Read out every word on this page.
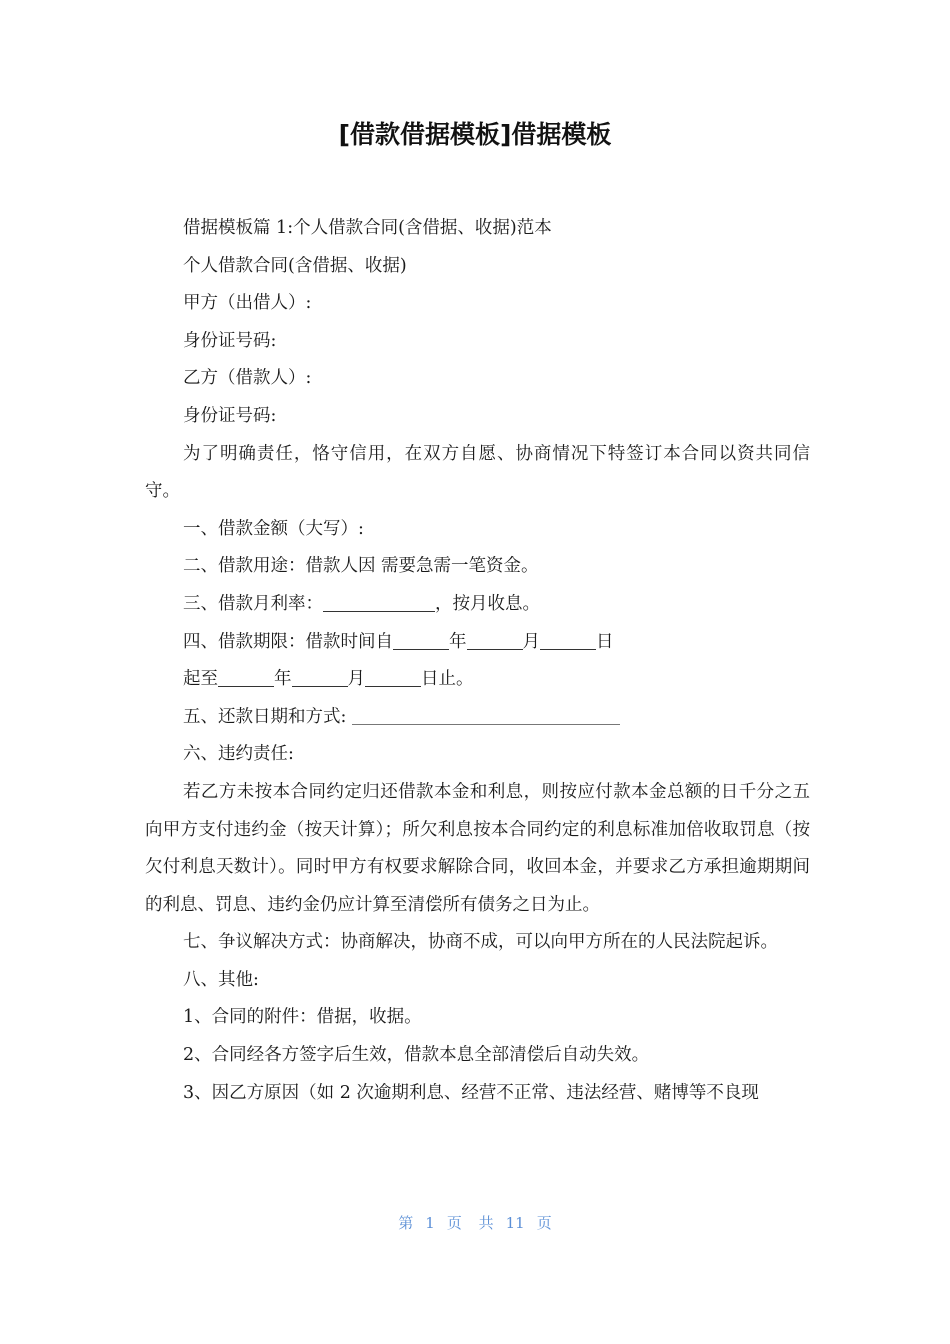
[借款借据模板]借据模板

借据模板篇 1:个人借款合同(含借据、收据)范本

个人借款合同(含借据、收据)

甲方（出借人）:

身份证号码:

乙方（借款人）:

身份证号码:

为了明确责任，恪守信用，在双方自愿、协商情况下特签订本合同以资共同信守。

一、借款金额（大写）:

二、借款用途：借款人因 需要急需一笔资金。

三、借款月利率：	，按月收息。

四、借款期限：借款时间自	年	月	日

起至	年	月	日止。

五、还款日期和方式:

六、违约责任:

若乙方未按本合同约定归还借款本金和利息，则按应付款本金总额的日千分之五向甲方支付违约金（按天计算）；所欠利息按本合同约定的利息标准加倍收取罚息（按欠付利息天数计）。同时甲方有权要求解除合同，收回本金，并要求乙方承担逾期期间的利息、罚息、违约金仍应计算至清偿所有债务之日为止。

七、争议解决方式：协商解决，协商不成，可以向甲方所在的人民法院起诉。

八、其他:

1、合同的附件：借据，收据。

2、合同经各方签字后生效，借款本息全部清偿后自动失效。

3、因乙方原因（如 2 次逾期利息、经营不正常、违法经营、赌博等不良现

第 1 页 共 11 页
